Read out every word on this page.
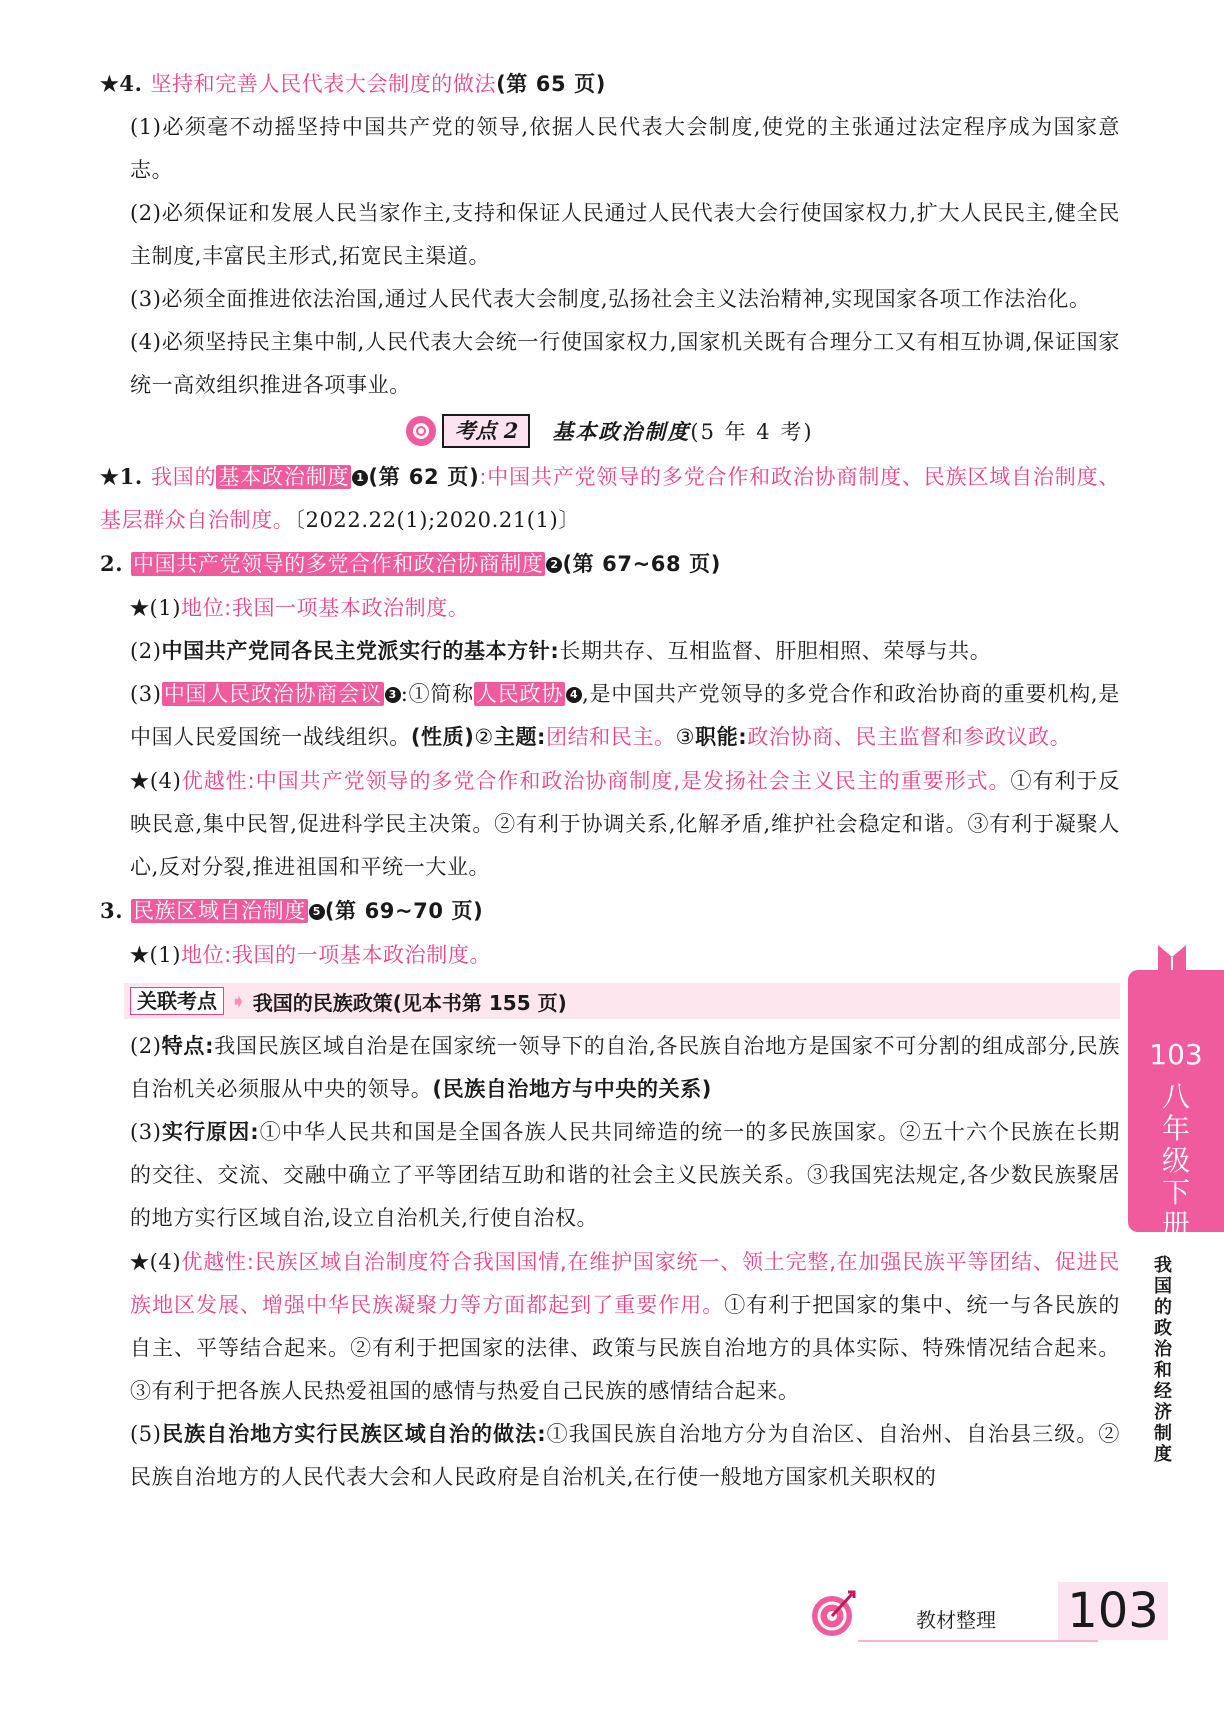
★4. 坚持和完善人民代表大会制度的做法(第 65 页)
(1)必须毫不动摇坚持中国共产党的领导,依据人民代表大会制度,使党的主张通过法定程序成为国家意志。
(2)必须保证和发展人民当家作主,支持和保证人民通过人民代表大会行使国家权力,扩大人民民主,健全民主制度,丰富民主形式,拓宽民主渠道。
(3)必须全面推进依法治国,通过人民代表大会制度,弘扬社会主义法治精神,实现国家各项工作法治化。
(4)必须坚持民主集中制,人民代表大会统一行使国家权力,国家机关既有合理分工又有相互协调,保证国家统一高效组织推进各项事业。
考点 2	基本政治制度(5 年 4 考)
★1. 我国的基本政治制度 1 (第 62 页):中国共产党领导的多党合作和政治协商制度、民族区域自治制度、基层群众自治制度。〔2022.22(1);2020.21(1)〕
2. 中国共产党领导的多党合作和政治协商制度 2 (第 67~68 页)
★(1)地位:我国一项基本政治制度。
(2)中国共产党同各民主党派实行的基本方针:长期共存、互相监督、肝胆相照、荣辱与共。
(3)中国人民政治协商会议 3 :①简称人民政协 4 ,是中国共产党领导的多党合作和政治协商的重要机构,是中国人民爱国统一战线组织。(性质)②主题:团结和民主。③职能:政治协商、民主监督和参政议政。
★(4)优越性:中国共产党领导的多党合作和政治协商制度,是发扬社会主义民主的重要形式。①有利于反映民意,集中民智,促进科学民主决策。②有利于协调关系,化解矛盾,维护社会稳定和谐。③有利于凝聚人心,反对分裂,推进祖国和平统一大业。
3. 民族区域自治制度 5 (第 69~70 页)
★(1)地位:我国的一项基本政治制度。
关联考点 ➧ 我国的民族政策(见本书第 155 页)
(2)特点:我国民族区域自治是在国家统一领导下的自治,各民族自治地方是国家不可分割的组成部分,民族自治机关必须服从中央的领导。(民族自治地方与中央的关系)
(3)实行原因:①中华人民共和国是全国各族人民共同缔造的统一的多民族国家。②五十六个民族在长期的交往、交流、交融中确立了平等团结互助和谐的社会主义民族关系。③我国宪法规定,各少数民族聚居的地方实行区域自治,设立自治机关,行使自治权。
★(4)优越性:民族区域自治制度符合我国国情,在维护国家统一、领土完整,在加强民族平等团结、促进民族地区发展、增强中华民族凝聚力等方面都起到了重要作用。①有利于把国家的集中、统一与各民族的自主、平等结合起来。②有利于把国家的法律、政策与民族自治地方的具体实际、特殊情况结合起来。③有利于把各族人民热爱祖国的感情与热爱自己民族的感情结合起来。
(5)民族自治地方实行民族区域自治的做法:①我国民族自治地方分为自治区、自治州、自治县三级。②民族自治地方的人民代表大会和人民政府是自治机关,在行使一般地方国家机关职权的
103
八年级下册
我国的政治和经济制度
教材整理 103
